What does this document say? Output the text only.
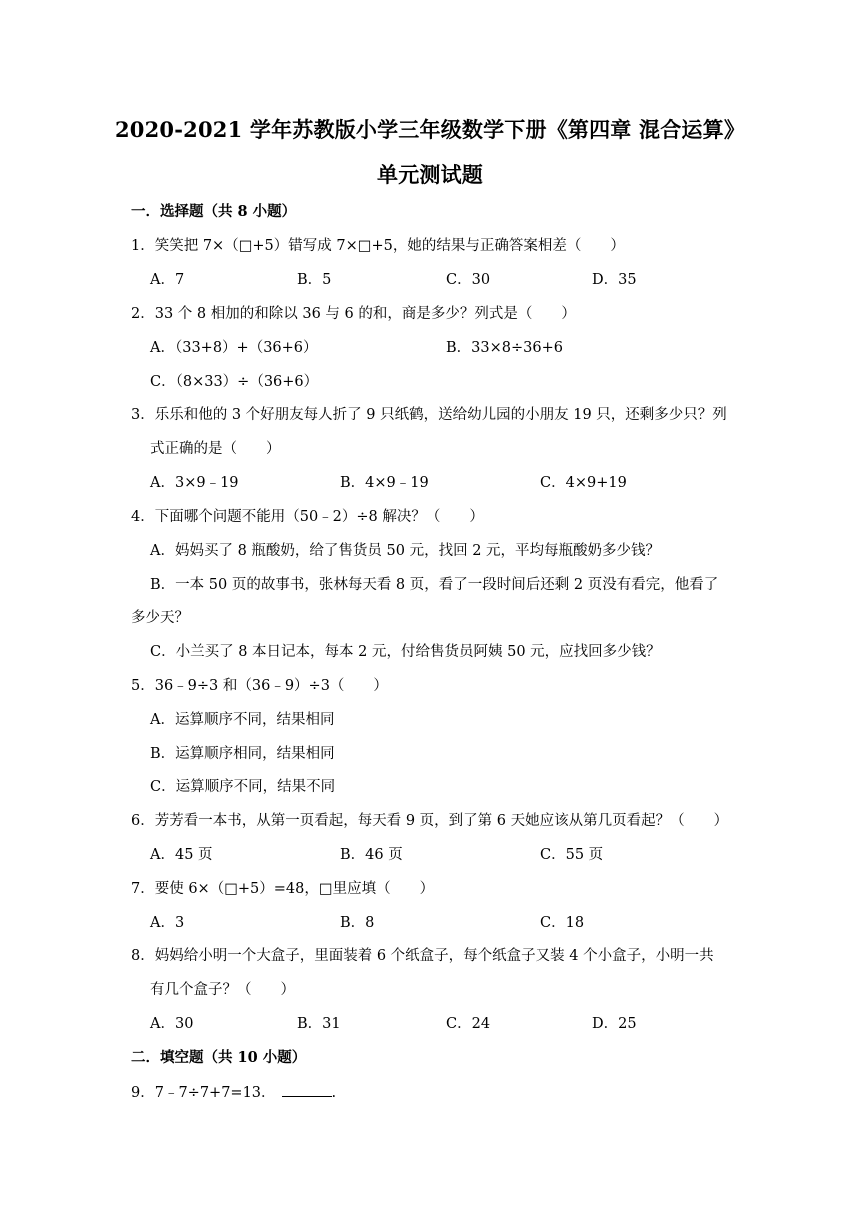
2020-2021 学年苏教版小学三年级数学下册《第四章 混合运算》
单元测试题
一．选择题（共 8 小题）
1．笑笑把 7×（□+5）错写成 7×□+5，她的结果与正确答案相差（　　）
A．7	B．5	C．30	D．35
2．33 个 8 相加的和除以 36 与 6 的和，商是多少？列式是（　　）
A．（33+8）+（36+6）	B．33×8÷36+6
C．（8×33）÷（36+6）
3．乐乐和他的 3 个好朋友每人折了 9 只纸鹤，送给幼儿园的小朋友 19 只，还剩多少只？列
式正确的是（　　）
A．3×9﹣19	B．4×9﹣19	C．4×9+19
4．下面哪个问题不能用（50﹣2）÷8 解决？（　　）
A．妈妈买了 8 瓶酸奶，给了售货员 50 元，找回 2 元，平均每瓶酸奶多少钱？
B．一本 50 页的故事书，张林每天看 8 页，看了一段时间后还剩 2 页没有看完，他看了
多少天？
C．小兰买了 8 本日记本，每本 2 元，付给售货员阿姨 50 元，应找回多少钱？
5．36﹣9÷3 和（36﹣9）÷3（　　）
A．运算顺序不同，结果相同
B．运算顺序相同，结果相同
C．运算顺序不同，结果不同
6．芳芳看一本书，从第一页看起，每天看 9 页，到了第 6 天她应该从第几页看起？（　　）
A．45 页	B．46 页	C．55 页
7．要使 6×（□+5）=48，□里应填（　　）
A．3	B．8	C．18
8．妈妈给小明一个大盒子，里面装着 6 个纸盒子，每个纸盒子又装 4 个小盒子，小明一共
有几个盒子？（　　）
A．30	B．31	C．24	D．25
二．填空题（共 10 小题）
9．7﹣7÷7+7=13．	.
